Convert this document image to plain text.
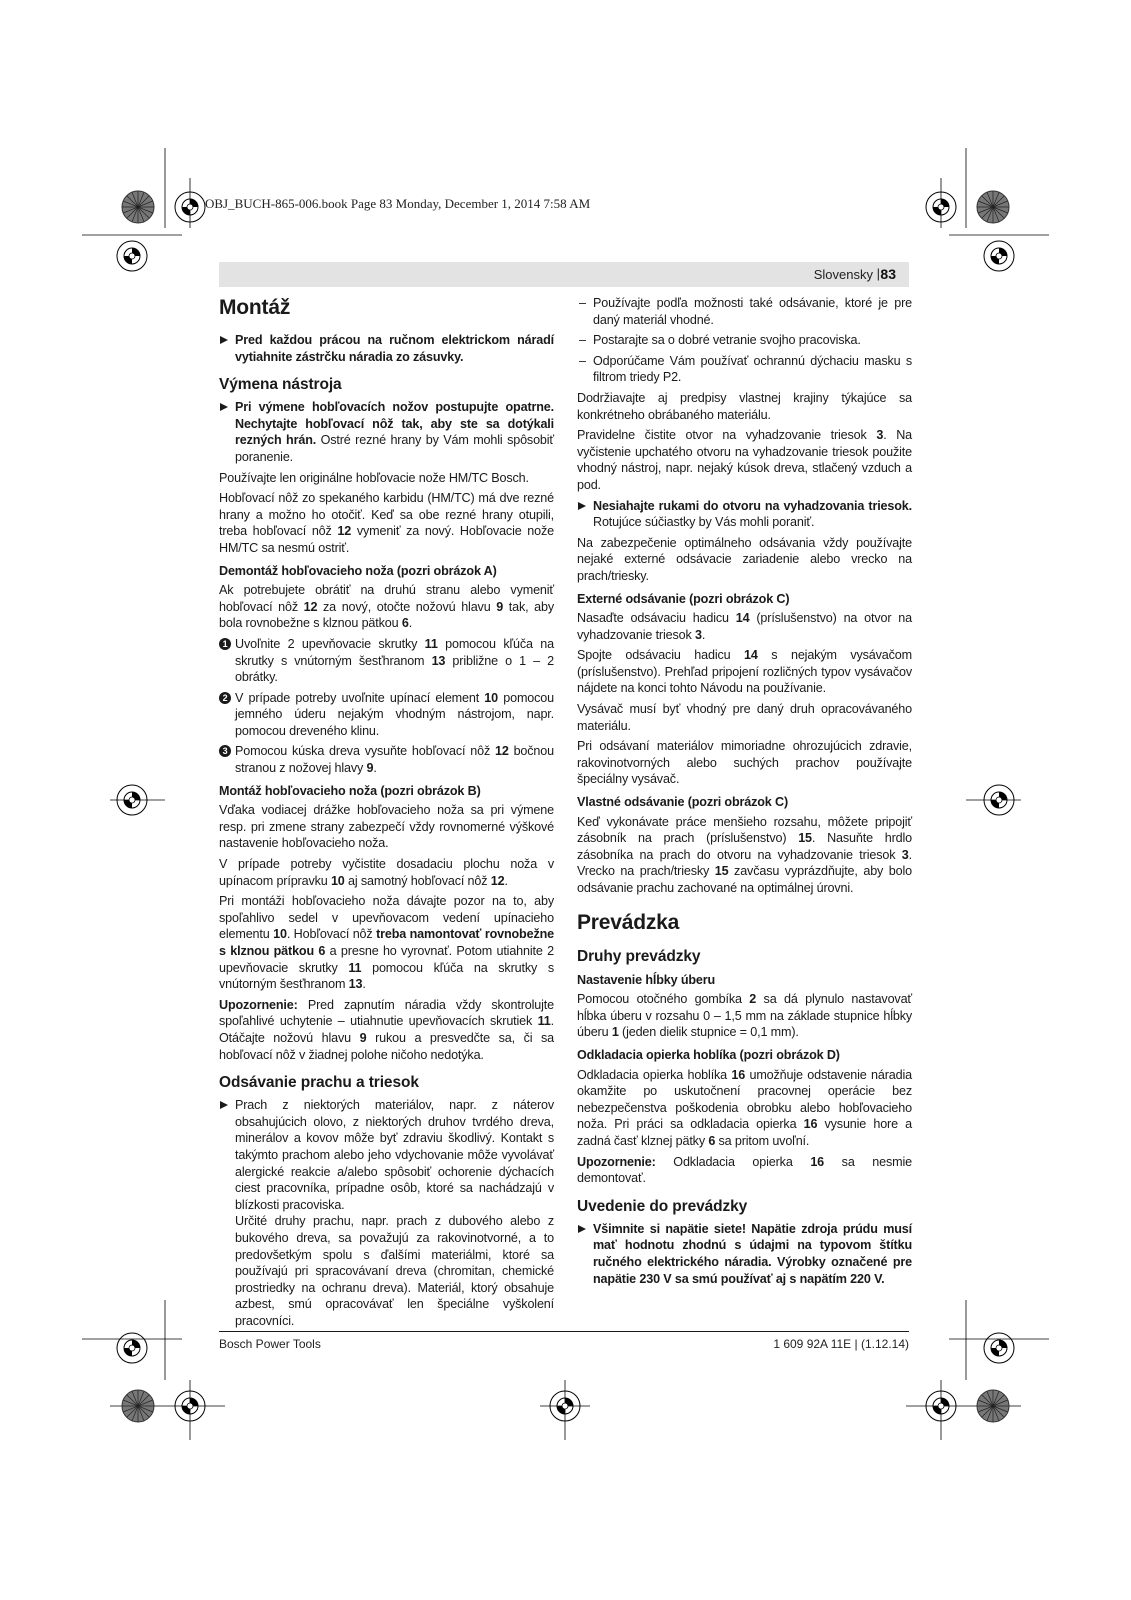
OBJ_BUCH-865-006.book Page 83 Monday, December 1, 2014 7:58 AM
Slovensky | 83
Montáž

Pred každou prácou na ručnom elektrickom náradí vytiahnite zástrčku náradia zo zásuvky.

Výmena nástroja

Pri výmene hobľovacích nožov postupujte opatrne. Nechytajte hobľovací nôž tak, aby ste sa dotýkali rezných hrán. Ostré rezné hrany by Vám mohli spôsobiť poranenie.

Používajte len originálne hobľovacie nože HM/TC Bosch.

Hobľovací nôž zo spekaného karbidu (HM/TC) má dve rezné hrany a možno ho otočiť. Keď sa obe rezné hrany otupili, treba hobľovací nôž 12 vymeniť za nový. Hobľovacie nože HM/TC sa nesmú ostriť.

Demontáž hobľovacieho noža (pozri obrázok A)

Ak potrebujete obrátiť na druhú stranu alebo vymeniť hobľovací nôž 12 za nový, otočte nožovú hlavu 9 tak, aby bola rovnobežne s klznou pätkou 6.

1 Uvoľnite 2 upevňovacie skrutky 11 pomocou kľúča na skrutky s vnútorným šesťhranom 13 približne o 1 – 2 obrátky.

2 V prípade potreby uvoľnite upínací element 10 pomocou jemného úderu nejakým vhodným nástrojom, napr. pomocou dreveného klinu.

3 Pomocou kúska dreva vysuňte hobľovací nôž 12 bočnou stranou z nožovej hlavy 9.

Montáž hobľovacieho noža (pozri obrázok B)

Vďaka vodiacej drážke hobľovacieho noža sa pri výmene resp. pri zmene strany zabezpečí vždy rovnomerné výškové nastavenie hobľovacieho noža.

V prípade potreby vyčistite dosadaciu plochu noža v upínacom prípravku 10 aj samotný hobľovací nôž 12.

Pri montáži hobľovacieho noža dávajte pozor na to, aby spoľahlivo sedel v upevňovacom vedení upínacieho elementu 10. Hobľovací nôž treba namontovať rovnobežne s klznou pätkou 6 a presne ho vyrovnať. Potom utiahnite 2 upevňovacie skrutky 11 pomocou kľúča na skrutky s vnútorným šesťhranom 13.

Upozornenie: Pred zapnutím náradia vždy skontrolujte spoľahlivé uchytenie – utiahnutie upevňovacích skrutiek 11. Otáčajte nožovú hlavu 9 rukou a presvedčte sa, či sa hobľovací nôž v žiadnej polohe ničoho nedotýka.

Odsávanie prachu a triesok
Prach z niektorých materiálov, napr. z náterov obsahujúcich olovo, z niektorých druhov tvrdého dreva, minerálov a kovov môže byť zdraviu škodlivý. Kontakt s takýmto prachom alebo jeho vdychovanie môže vyvolávať alergické reakcie a/alebo spôsobiť ochorenie dýchacích ciest pracovníka, prípadne osôb, ktoré sa nachádzajú v blízkosti pracoviska.
Určité druhy prachu, napr. prach z dubového alebo z bukového dreva, sa považujú za rakovinotvorné, a to predovšetkým spolu s ďalšími materiálmi, ktoré sa používajú pri spracovávaní dreva (chromitan, chemické prostriedky na ochranu dreva). Materiál, ktorý obsahuje azbest, smú opracovávať len špeciálne vyškolení pracovníci.

– Používajte podľa možnosti také odsávanie, ktoré je pre daný materiál vhodné.

– Postarajte sa o dobré vetranie svojho pracoviska.

– Odporúčame Vám používať ochrannú dýchaciu masku s filtrom triedy P2.

Dodržiavajte aj predpisy vlastnej krajiny týkajúce sa konkrétneho obrábaného materiálu.

Pravidelne čistite otvor na vyhadzovanie triesok 3. Na vyčistenie upchatého otvoru na vyhadzovanie triesok použite vhodný nástroj, napr. nejaký kúsok dreva, stlačený vzduch a pod.

Nesiahajte rukami do otvoru na vyhadzovania triesok. Rotujúce súčiastky by Vás mohli poraniť.

Na zabezpečenie optimálneho odsávania vždy používajte nejaké externé odsávacie zariadenie alebo vrecko na prach/triesky.

Externé odsávanie (pozri obrázok C)

Nasaďte odsávaciu hadicu 14 (príslušenstvo) na otvor na vyhadzovanie triesok 3.

Spojte odsávaciu hadicu 14 s nejakým vysávačom (príslušenstvo). Prehľad pripojení rozličných typov vysávačov nájdete na konci tohto Návodu na používanie.

Vysávač musí byť vhodný pre daný druh opracovávaného materiálu.

Pri odsávaní materiálov mimoriadne ohrozujúcich zdravie, rakovinotvorných alebo suchých prachov používajte špeciálny vysávač.

Vlastné odsávanie (pozri obrázok C)

Keď vykonávate práce menšieho rozsahu, môžete pripojiť zásobník na prach (príslušenstvo) 15. Nasuňte hrdlo zásobníka na prach do otvoru na vyhadzovanie triesok 3. Vrecko na prach/triesky 15 zavčasu vyprázdňujte, aby bolo odsávanie prachu zachované na optimálnej úrovni.

Prevádzka
Druhy prevádzky
Nastavenie hĺbky úberu

Pomocou otočného gombíka 2 sa dá plynulo nastavovať hĺbka úberu v rozsahu 0 – 1,5 mm na základe stupnice hĺbky úberu 1 (jeden dielik stupnice = 0,1 mm).

Odkladacia opierka hoblíka (pozri obrázok D)

Odkladacia opierka hoblíka 16 umožňuje odstavenie náradia okamžite po uskutočnení pracovnej operácie bez nebezpečenstva poškodenia obrobku alebo hobľovacieho noža. Pri práci sa odkladacia opierka 16 vysunie hore a zadná časť klznej pätky 6 sa pritom uvoľní.

Upozornenie: Odkladacia opierka 16 sa nesmie demontovať.

Uvedenie do prevádzky

Všimnite si napätie siete! Napätie zdroja prúdu musí mať hodnotu zhodnú s údajmi na typovom štítku ručného elektrického náradia. Výrobky označené pre napätie 230 V sa smú používať aj s napätím 220 V.

Bosch Power Tools	1 609 92A 11E | (1.12.14)
